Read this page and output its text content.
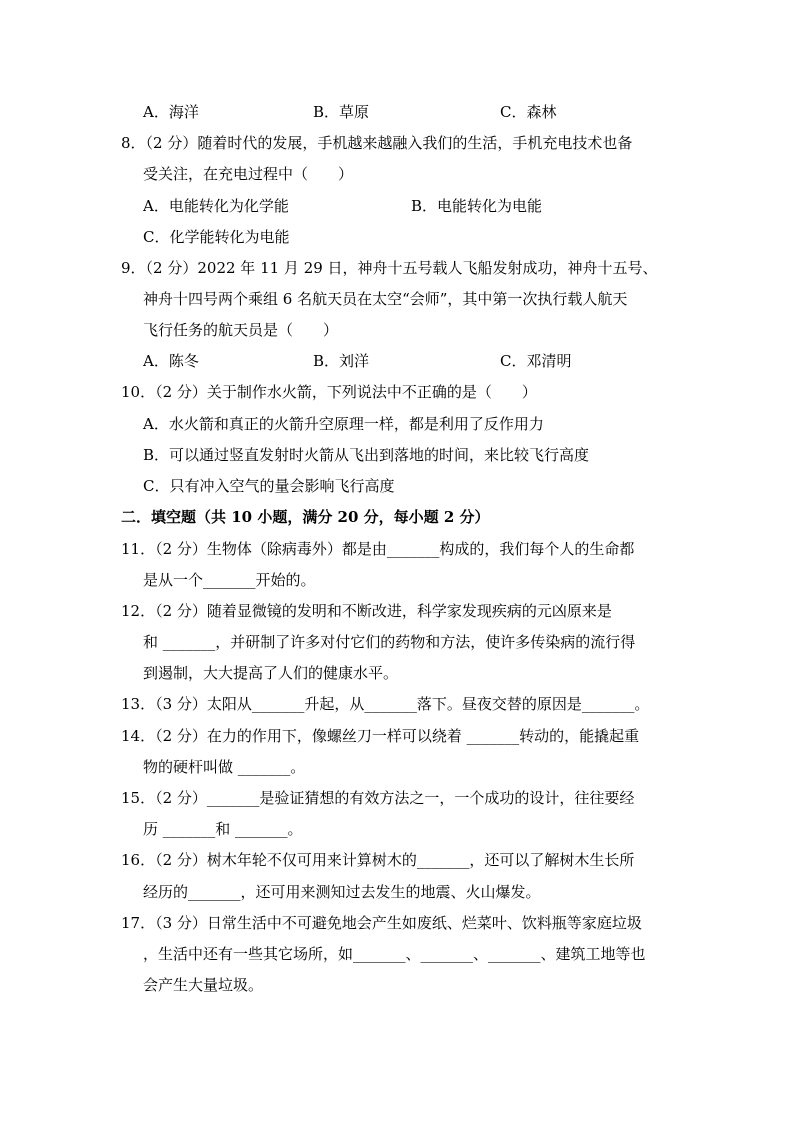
A．海洋	B．草原	C．森林
8．（2 分）随着时代的发展，手机越来越融入我们的生活，手机充电技术也备
受关注，在充电过程中（　　）
A．电能转化为化学能	B．电能转化为电能
C．化学能转化为电能
9．（2 分）2022 年 11 月 29 日，神舟十五号载人飞船发射成功，神舟十五号、
神舟十四号两个乘组 6 名航天员在太空“会师”，其中第一次执行载人航天
飞行任务的航天员是（　　）
A．陈冬	B．刘洋	C．邓清明
10．（2 分）关于制作水火箭，下列说法中不正确的是（　　）
A．水火箭和真正的火箭升空原理一样，都是利用了反作用力
B．可以通过竖直发射时火箭从飞出到落地的时间，来比较飞行高度
C．只有冲入空气的量会影响飞行高度
二．填空题（共 10 小题，满分 20 分，每小题 2 分）
11．（2 分）生物体（除病毒外）都是由_______构成的，我们每个人的生命都
是从一个_______开始的。
12．（2 分）随着显微镜的发明和不断改进，科学家发现疾病的元凶原来是
和 _______，并研制了许多对付它们的药物和方法，使许多传染病的流行得
到遏制，大大提高了人们的健康水平。
13．（3 分）太阳从_______升起，从_______落下。昼夜交替的原因是_______。
14．（2 分）在力的作用下，像螺丝刀一样可以绕着 _______转动的，能撬起重
物的硬杆叫做 _______。
15．（2 分）_______是验证猜想的有效方法之一，一个成功的设计，往往要经
历 _______和 _______。
16．（2 分）树木年轮不仅可用来计算树木的_______，还可以了解树木生长所
经历的_______，还可用来测知过去发生的地震、火山爆发。
17．（3 分）日常生活中不可避免地会产生如废纸、烂菜叶、饮料瓶等家庭垃圾
，生活中还有一些其它场所，如_______、_______、_______、建筑工地等也
会产生大量垃圾。
